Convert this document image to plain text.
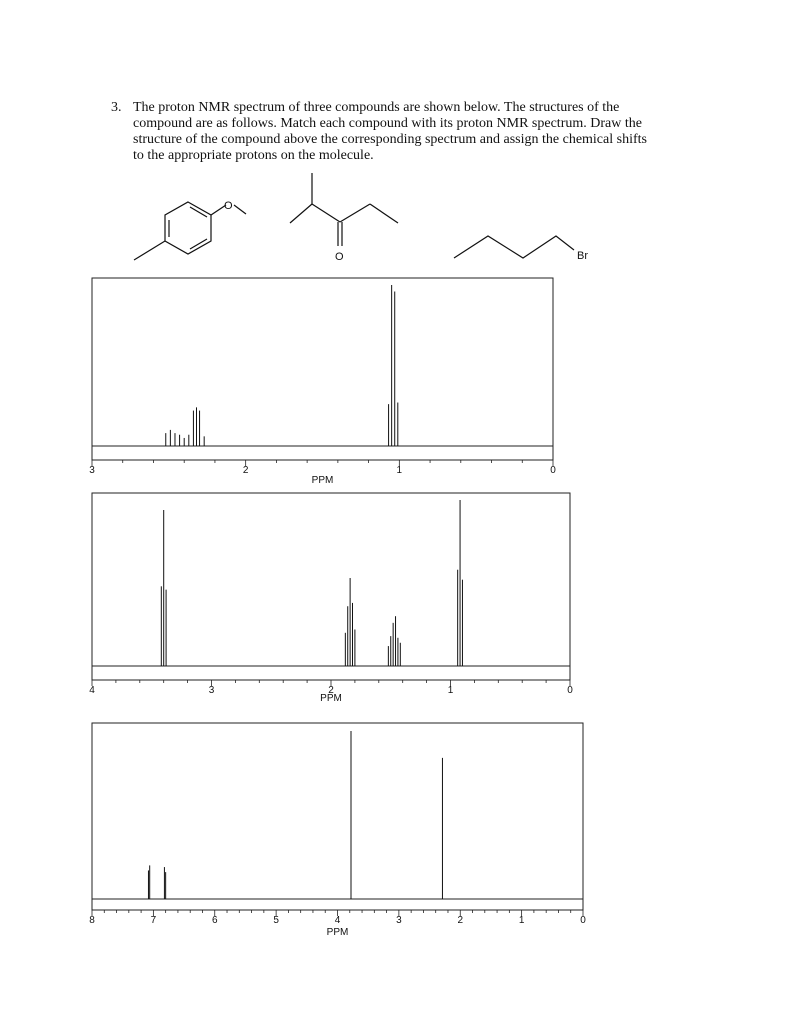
3. The proton NMR spectrum of three compounds are shown below. The structures of the
compound are as follows. Match each compound with its proton NMR spectrum. Draw the
structure of the compound above the corresponding spectrum and assign the chemical shifts
to the appropriate protons on the molecule.
O
O	Br
3	2	1	0
PPM
4	3	2	1	0
PPM
8	7	6	5	4	3	2	1	0
PPM
